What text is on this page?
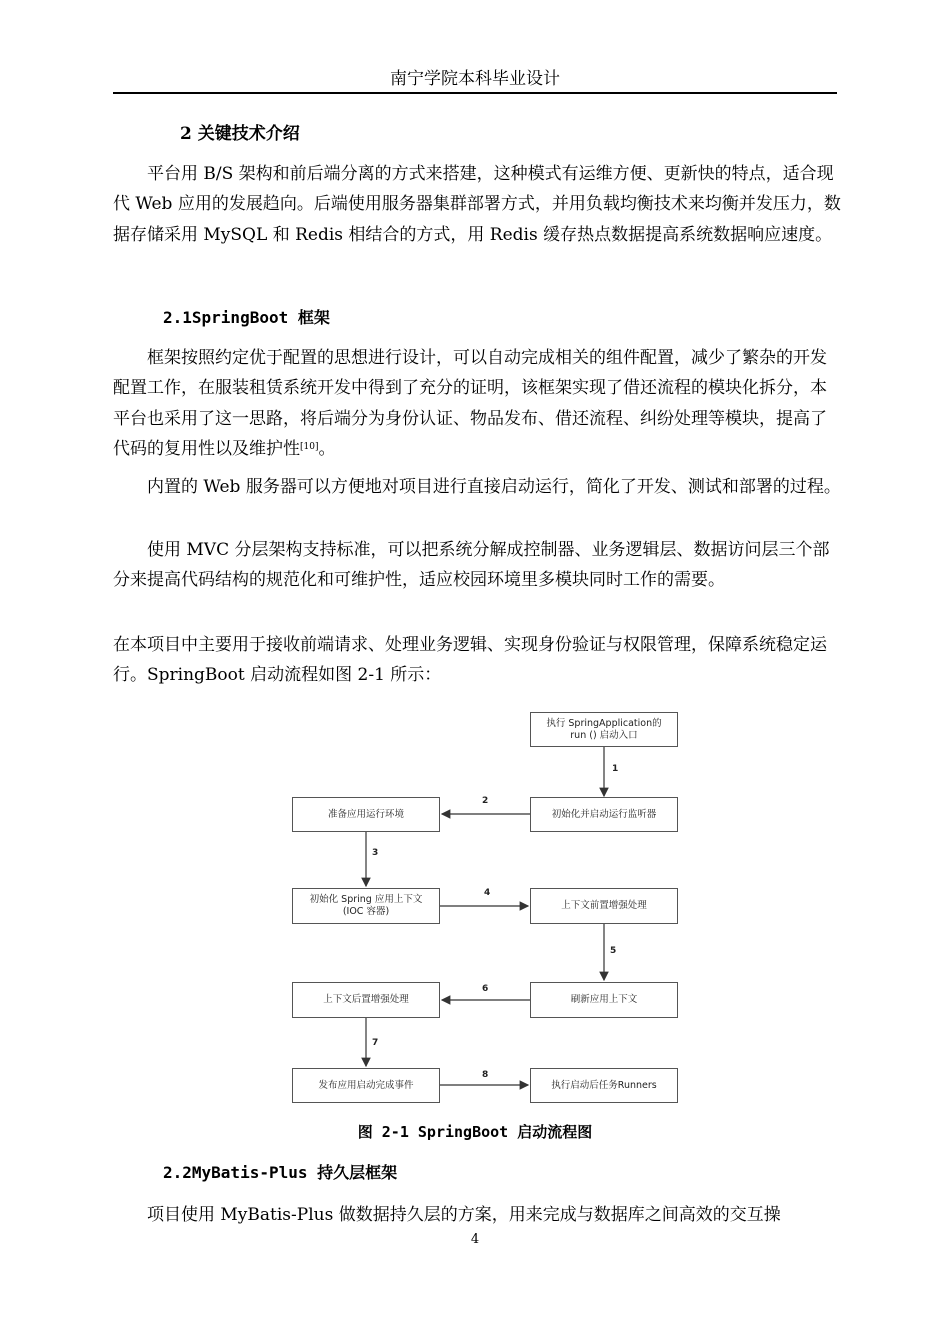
南宁学院本科毕业设计
2 关键技术介绍
平台用 B/S 架构和前后端分离的方式来搭建，这种模式有运维方便、更新快的特点，适合现代 Web 应用的发展趋向。后端使用服务器集群部署方式，并用负载均衡技术来均衡并发压力，数据存储采用 MySQL 和 Redis 相结合的方式，用 Redis 缓存热点数据提高系统数据响应速度。
2.1SpringBoot 框架
框架按照约定优于配置的思想进行设计，可以自动完成相关的组件配置，减少了繁杂的开发配置工作，在服装租赁系统开发中得到了充分的证明，该框架实现了借还流程的模块化拆分，本平台也采用了这一思路，将后端分为身份认证、物品发布、借还流程、纠纷处理等模块，提高了代码的复用性以及维护性[10]。
内置的 Web 服务器可以方便地对项目进行直接启动运行，简化了开发、测试和部署的过程。
使用 MVC 分层架构支持标准，可以把系统分解成控制器、业务逻辑层、数据访问层三个部分来提高代码结构的规范化和可维护性，适应校园环境里多模块同时工作的需要。
在本项目中主要用于接收前端请求、处理业务逻辑、实现身份验证与权限管理，保障系统稳定运行。SpringBoot 启动流程如图 2-1 所示：
执行 SpringApplication的
run () 启动入口
初始化并启动运行监听器
准备应用运行环境
初始化 Spring 应用上下文
(IOC 容器)
上下文前置增强处理
刷新应用上下文
上下文后置增强处理
发布应用启动完成事件	执行启动后任务Runners
1
2
3
4
5
6
7
8
图 2-1 SpringBoot 启动流程图
2.2MyBatis-Plus 持久层框架
项目使用 MyBatis-Plus 做数据持久层的方案，用来完成与数据库之间高效的交互操
4
